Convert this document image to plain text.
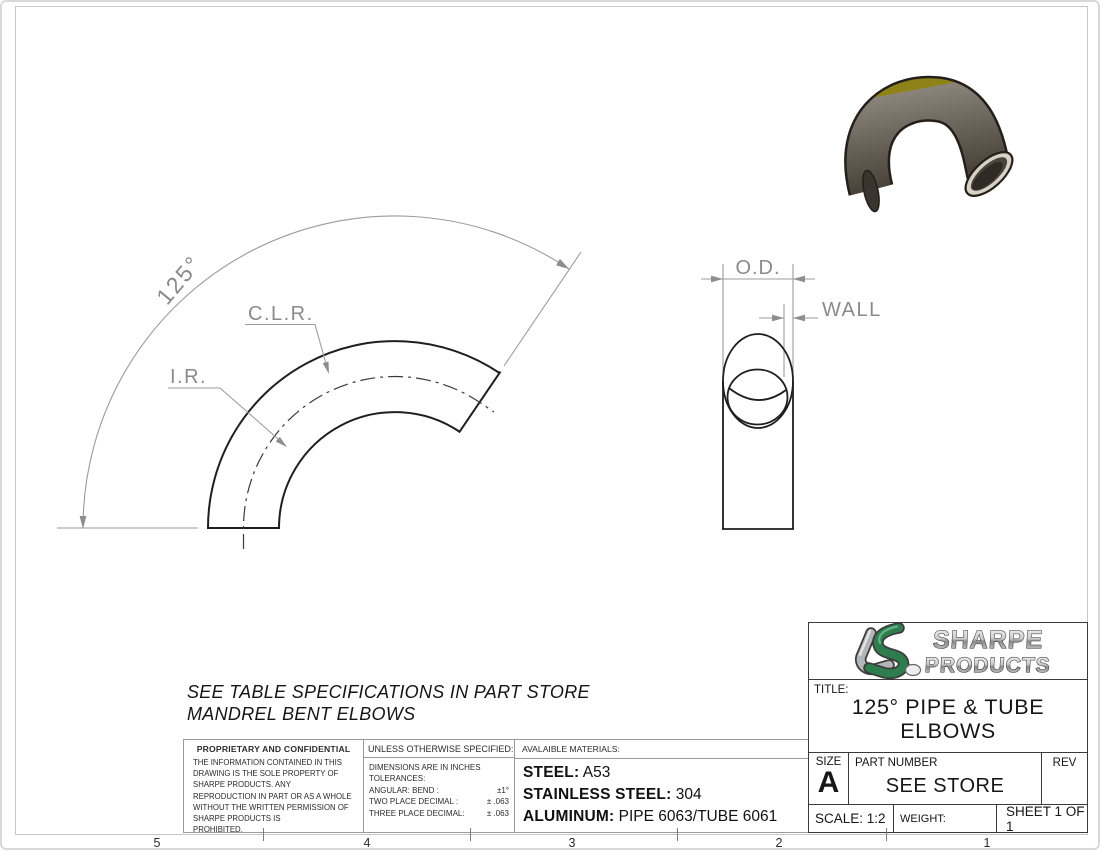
125°
C.L.R.
I.R.
O.D.
WALL
SEE TABLE SPECIFICATIONS IN PART STORE
MANDREL BENT ELBOWS
PROPRIETARY AND CONFIDENTIAL
THE INFORMATION CONTAINED IN THIS
DRAWING IS THE SOLE PROPERTY OF
SHARPE PRODUCTS. ANY
REPRODUCTION IN PART OR AS A WHOLE
WITHOUT THE WRITTEN PERMISSION OF
SHARPE PRODUCTS IS
PROHIBITED.
UNLESS OTHERWISE SPECIFIED:
DIMENSIONS ARE IN INCHES
TOLERANCES:
ANGULAR: BEND :	±1°
TWO PLACE DECIMAL :	± .063
THREE PLACE DECIMAL:	± .063
AVALAIBLE MATERIALS:
STEEL: A53
STAINLESS STEEL: 304
ALUMINUM: PIPE 6063/TUBE 6061
SHARPE
PRODUCTS
TITLE:
125° PIPE & TUBE
ELBOWS
SIZE
A
PART NUMBER
SEE STORE
REV
SCALE: 1:2	WEIGHT:	SHEET 1 OF 1
5	4	3	2	1
